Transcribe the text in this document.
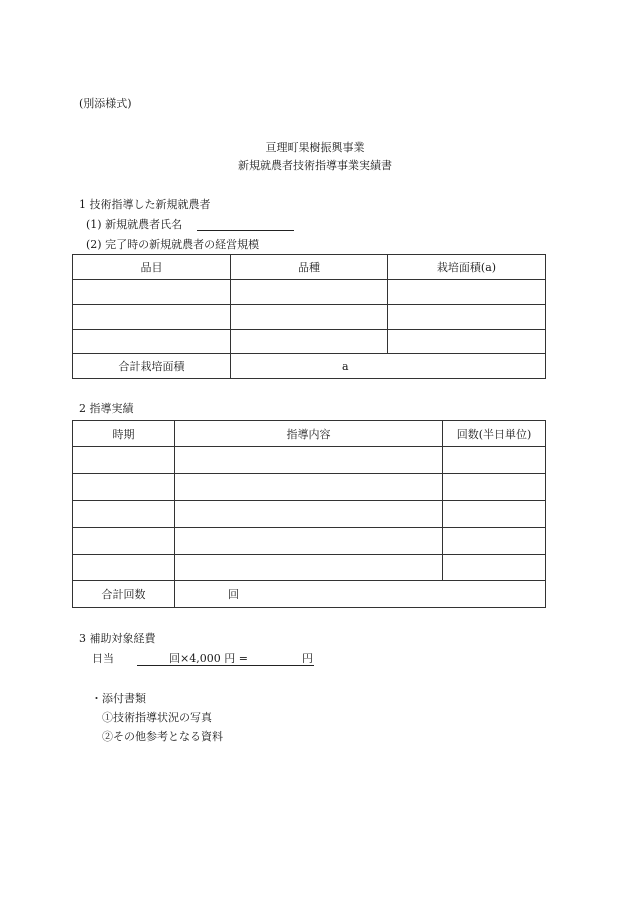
(別添様式)
亘理町果樹振興事業
新規就農者技術指導事業実績書
1 技術指導した新規就農者
(1) 新規就農者氏名
(2) 完了時の新規就農者の経営規模
品目	品種	栽培面積(a)

合計栽培面積	a	
2 指導実績
時期	指導内容	回数(半日単位)

合計回数	回	
3 補助対象経費
日当	回×4,000 円 =	円
・添付書類
①技術指導状況の写真
②その他参考となる資料
